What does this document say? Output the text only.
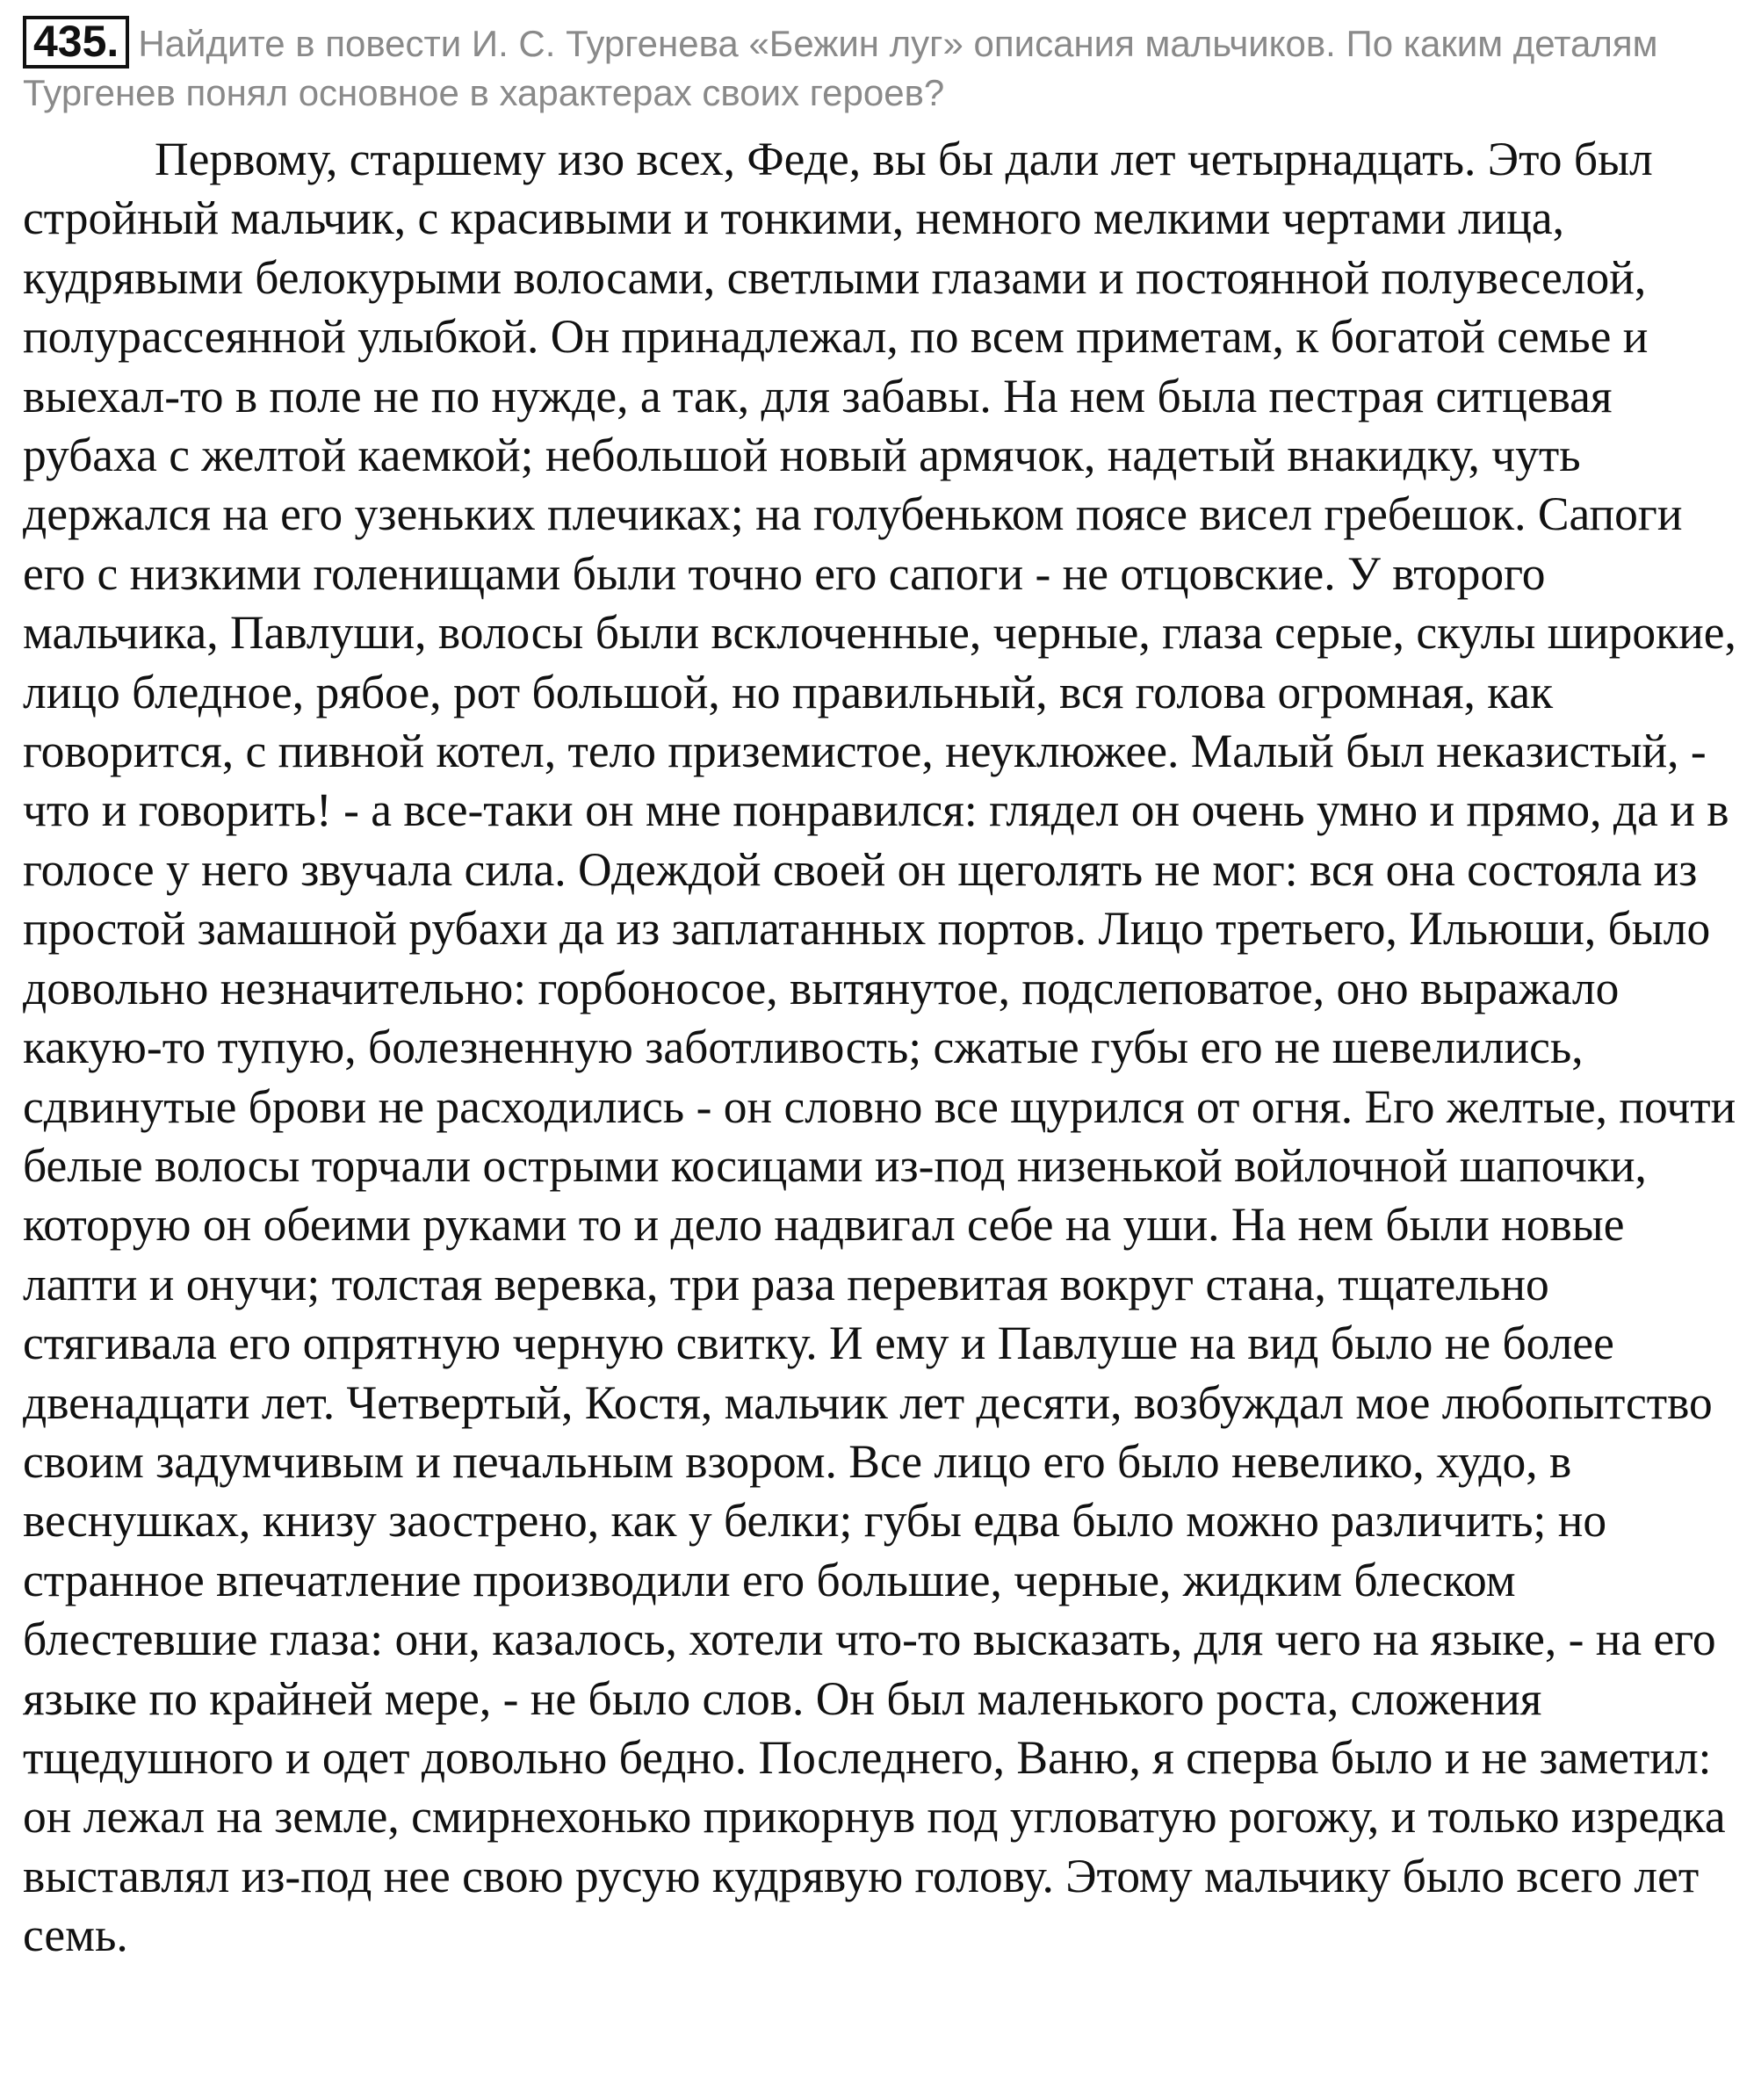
435. Найдите в повести И. С. Тургенева «Бежин луг» описания мальчиков. По каким деталям Тургенев понял основное в характерах своих героев?

Первому, старшему изо всех, Феде, вы бы дали лет четырнадцать. Это был стройный мальчик, с красивыми и тонкими, немного мелкими чертами лица, кудрявыми белокурыми волосами, светлыми глазами и постоянной полувеселой, полурассеянной улыбкой. Он принадлежал, по всем приметам, к богатой семье и выехал-то в поле не по нужде, а так, для забавы. На нем была пестрая ситцевая рубаха с желтой каемкой; небольшой новый армячок, надетый внакидку, чуть держался на его узеньких плечиках; на голубеньком поясе висел гребешок. Сапоги его с низкими голенищами были точно его сапоги - не отцовские. У второго мальчика, Павлуши, волосы были всклоченные, черные, глаза серые, скулы широкие, лицо бледное, рябое, рот большой, но правильный, вся голова огромная, как говорится, с пивной котел, тело приземистое, неуклюжее. Малый был неказистый, - что и говорить! - а все-таки он мне понравился: глядел он очень умно и прямо, да и в голосе у него звучала сила. Одеждой своей он щеголять не мог: вся она состояла из простой замашной рубахи да из заплатанных портов. Лицо третьего, Ильюши, было довольно незначительно: горбоносое, вытянутое, подслеповатое, оно выражало какую-то тупую, болезненную заботливость; сжатые губы его не шевелились, сдвинутые брови не расходились - он словно все щурился от огня. Его желтые, почти белые волосы торчали острыми косицами из-под низенькой войлочной шапочки, которую он обеими руками то и дело надвигал себе на уши. На нем были новые лапти и онучи; толстая веревка, три раза перевитая вокруг стана, тщательно стягивала его опрятную черную свитку. И ему и Павлуше на вид было не более двенадцати лет. Четвертый, Костя, мальчик лет десяти, возбуждал мое любопытство своим задумчивым и печальным взором. Все лицо его было невелико, худо, в веснушках, книзу заострено, как у белки; губы едва было можно различить; но странное впечатление производили его большие, черные, жидким блеском блестевшие глаза: они, казалось, хотели что-то высказать, для чего на языке, - на его языке по крайней мере, - не было слов. Он был маленького роста, сложения тщедушного и одет довольно бедно. Последнего, Ваню, я сперва было и не заметил: он лежал на земле, смирнехонько прикорнув под угловатую рогожу, и только изредка выставлял из-под нее свою русую кудрявую голову. Этому мальчику было всего лет семь.
